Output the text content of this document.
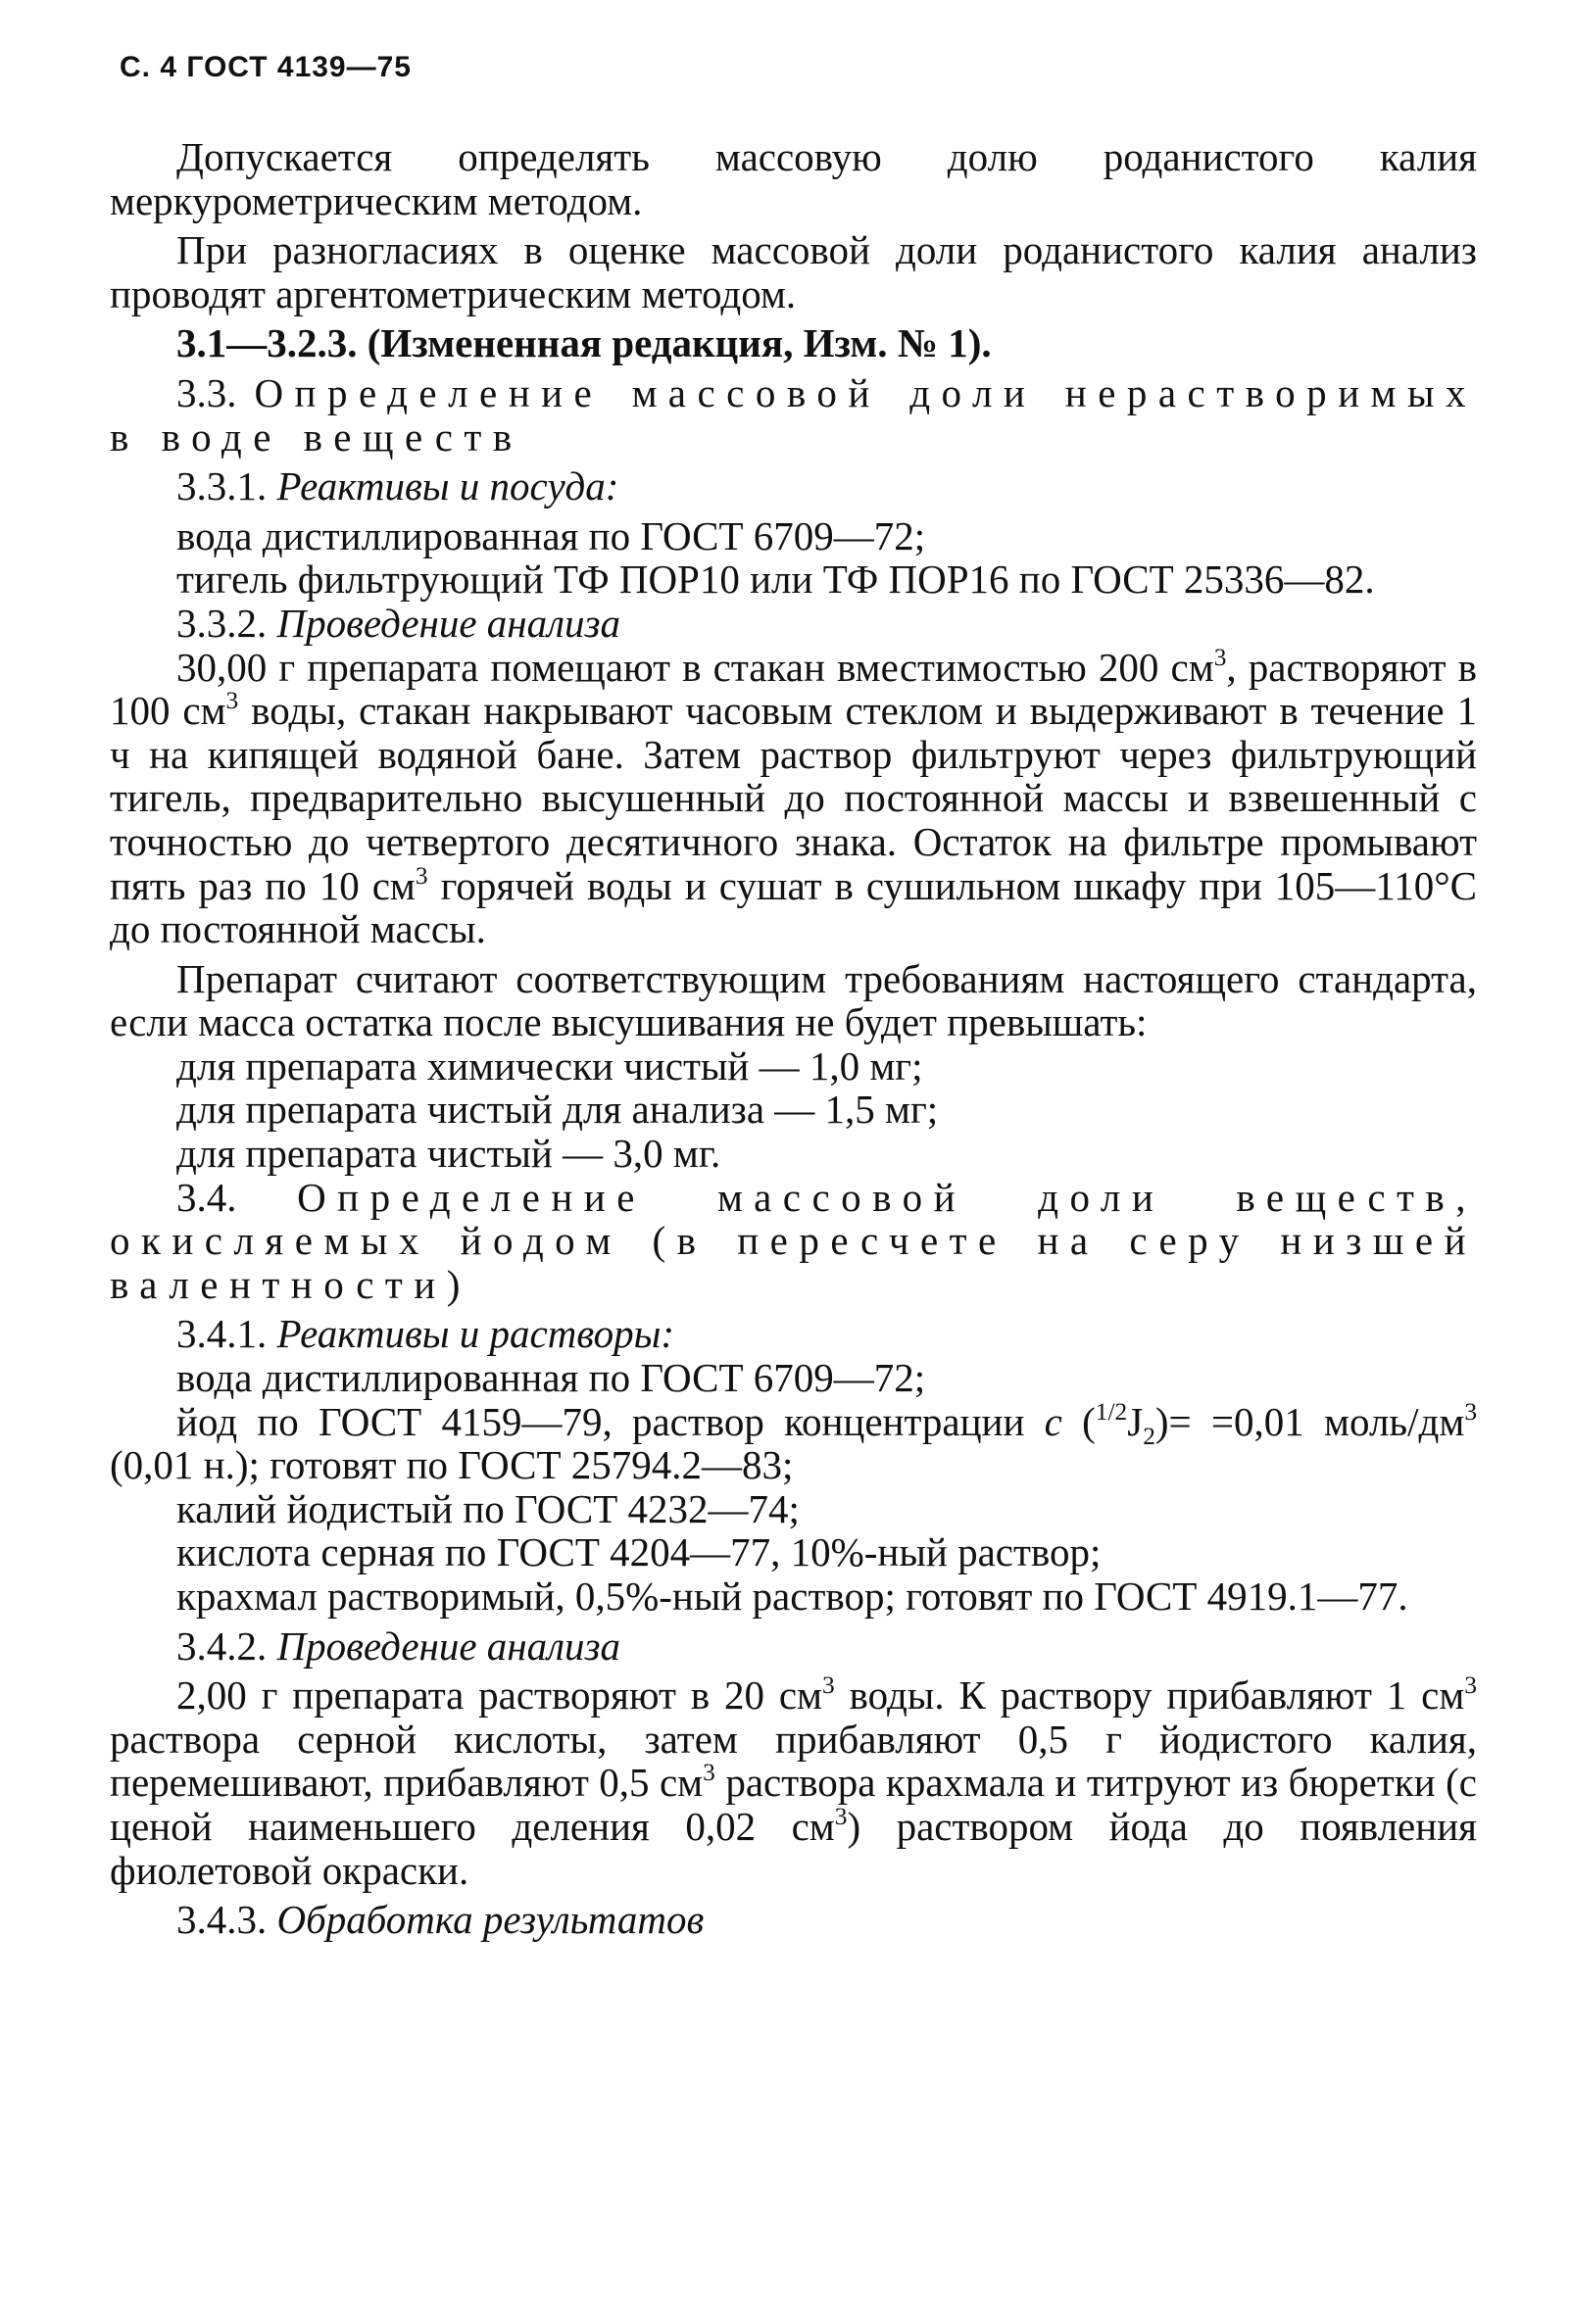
С. 4 ГОСТ 4139—75

Допускается определять массовую долю роданистого калия меркурометрическим методом.

При разногласиях в оценке массовой доли роданистого калия анализ проводят аргентометрическим методом.

3.1—3.2.3. (Измененная редакция, Изм. № 1).

3.3. Определение массовой доли нерастворимых в воде веществ

3.3.1. Реактивы и посуда:

вода дистиллированная по ГОСТ 6709—72;

тигель фильтрующий ТФ ПОР10 или ТФ ПОР16 по ГОСТ 25336—82.

3.3.2. Проведение анализа

30,00 г препарата помещают в стакан вместимостью 200 $см^3$, растворяют в 100 $см^3$ воды, стакан накрывают часовым стеклом и выдерживают в течение 1 ч на кипящей водяной бане. Затем раствор фильтруют через фильтрующий тигель, предварительно высушенный до постоянной массы и взвешенный с точностью до четвертого десятичного знака. Остаток на фильтре промывают пять раз по 10 $см^3$ горячей воды и сушат в сушильном шкафу при 105—110°С до постоянной массы.

Препарат считают соответствующим требованиям настоящего стандарта, если масса остатка после высушивания не будет превышать:

для препарата химически чистый — 1,0 мг;

для препарата чистый для анализа — 1,5 мг;

для препарата чистый — 3,0 мг.

3.4. Определение массовой доли веществ, окисляемых йодом (в пересчете на серу низшей валентности)

3.4.1. Реактивы и растворы:

вода дистиллированная по ГОСТ 6709—72;

йод по ГОСТ 4159—79, раствор концентрации c $(^{1/2}J_2)= =0,01$ моль/$дм^3$ (0,01 н.); готовят по ГОСТ 25794.2—83;

калий йодистый по ГОСТ 4232—74;

кислота серная по ГОСТ 4204—77, 10%-ный раствор;

крахмал растворимый, 0,5%-ный раствор; готовят по ГОСТ 4919.1—77.

3.4.2. Проведение анализа

2,00 г препарата растворяют в 20 $см^3$ воды. К раствору прибавляют 1 $см^3$ раствора серной кислоты, затем прибавляют 0,5 г йодистого калия, перемешивают, прибавляют 0,5 $см^3$ раствора крахмала и титруют из бюретки (с ценой наименьшего деления 0,02 $см^3$) раствором йода до появления фиолетовой окраски.

3.4.3. Обработка результатов
